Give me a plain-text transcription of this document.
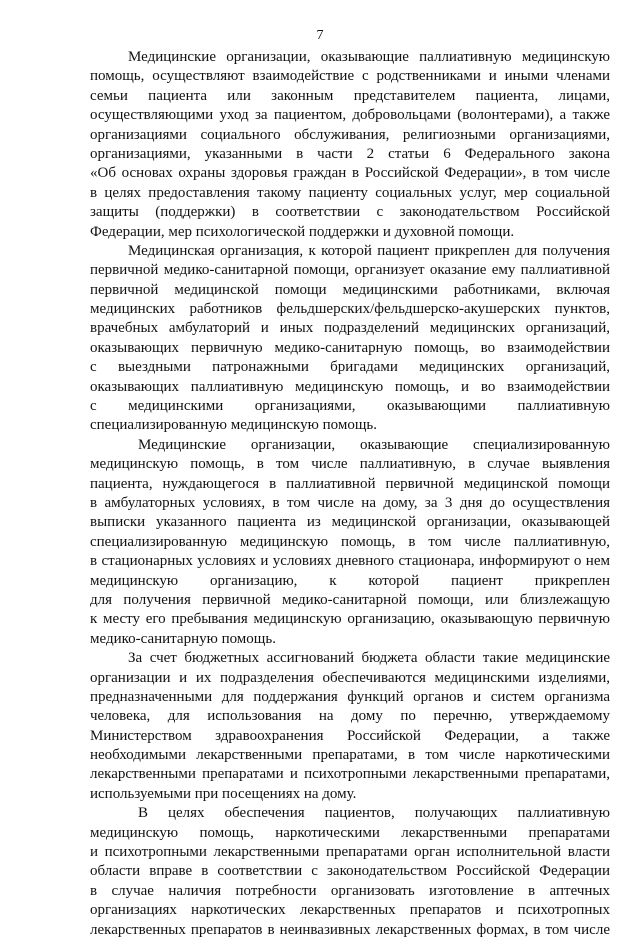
7

Медицинские организации, оказывающие паллиативную медицинскую

помощь, осуществляют взаимодействие с родственниками и иными членами

семьи пациента или законным представителем пациента, лицами,

осуществляющими уход за пациентом, добровольцами (волонтерами), а также

организациями социального обслуживания, религиозными организациями,

организациями, указанными в части 2 статьи 6 Федерального закона

«Об основах охраны здоровья граждан в Российской Федерации», в том числе

в целях предоставления такому пациенту социальных услуг, мер социальной

защиты (поддержки) в соответствии с законодательством Российской

Федерации, мер психологической поддержки и духовной помощи.

Медицинская организация, к которой пациент прикреплен для получения

первичной медико-санитарной помощи, организует оказание ему паллиативной

первичной медицинской помощи медицинскими работниками, включая

медицинских работников фельдшерских/фельдшерско-акушерских пунктов,

врачебных амбулаторий и иных подразделений медицинских организаций,

оказывающих первичную медико-санитарную помощь, во взаимодействии

с выездными патронажными бригадами медицинских организаций,

оказывающих паллиативную медицинскую помощь, и во взаимодействии

с медицинскими организациями, оказывающими паллиативную

специализированную медицинскую помощь.

Медицинские организации, оказывающие специализированную

медицинскую помощь, в том числе паллиативную, в случае выявления

пациента, нуждающегося в паллиативной первичной медицинской помощи

в амбулаторных условиях, в том числе на дому, за 3 дня до осуществления

выписки указанного пациента из медицинской организации, оказывающей

специализированную медицинскую помощь, в том числе паллиативную,

в стационарных условиях и условиях дневного стационара, информируют о нем

медицинскую организацию, к которой пациент прикреплен

для получения первичной медико-санитарной помощи, или близлежащую

к месту его пребывания медицинскую организацию, оказывающую первичную

медико-санитарную помощь.

За счет бюджетных ассигнований бюджета области такие медицинские

организации и их подразделения обеспечиваются медицинскими изделиями,

предназначенными для поддержания функций органов и систем организма

человека, для использования на дому по перечню, утверждаемому

Министерством здравоохранения Российской Федерации, а также

необходимыми лекарственными препаратами, в том числе наркотическими

лекарственными препаратами и психотропными лекарственными препаратами,

используемыми при посещениях на дому.

В целях обеспечения пациентов, получающих паллиативную

медицинскую помощь, наркотическими лекарственными препаратами

и психотропными лекарственными препаратами орган исполнительной власти

области вправе в соответствии с законодательством Российской Федерации

в случае наличия потребности организовать изготовление в аптечных

организациях наркотических лекарственных препаратов и психотропных

лекарственных препаратов в неинвазивных лекарственных формах, в том числе
